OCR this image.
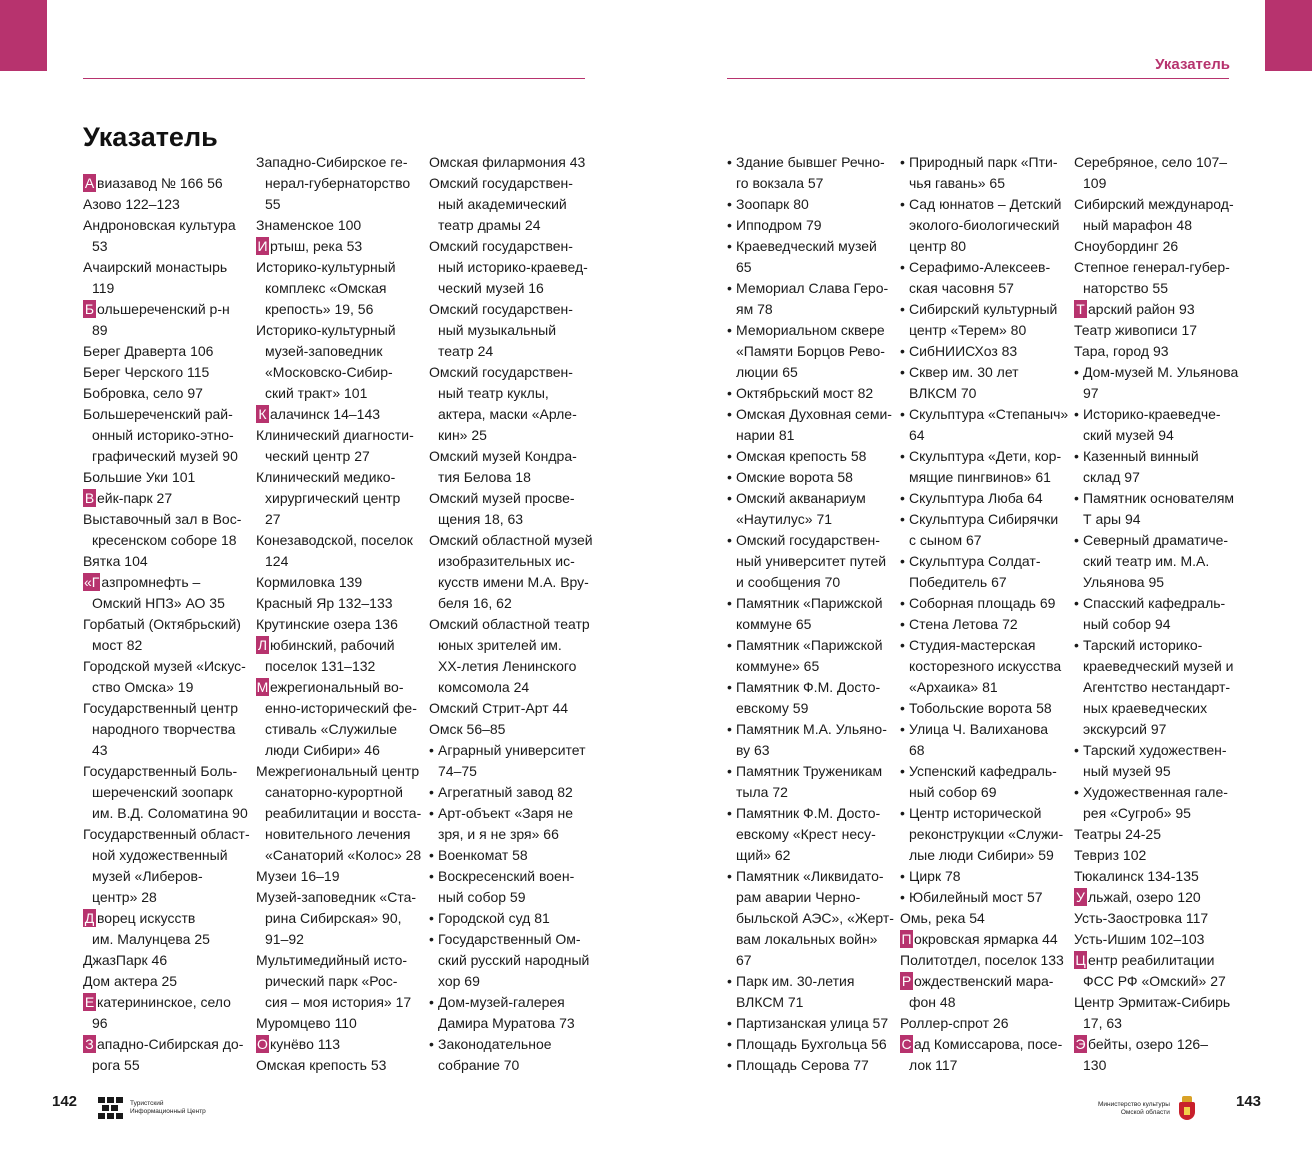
Указатель
Указатель
А виазавод № 166 56
Азово 122–123
Андроновская культура
53
Ачаирский монастырь
119
Б ольшереченский р-н
89
Берег Драверта 106
Берег Черского 115
Бобровка, село 97
Большереченский рай-
онный историко-этно-
графический музей 90
Большие Уки 101
В ейк-парк 27
Выставочный зал в Вос-
кресенском соборе 18
Вятка 104
«Г азпромнефть –
Омский НПЗ» АО 35
Горбатый (Октябрьский)
мост 82
Городской музей «Искус-
ство Омска» 19
Государственный центр
народного творчества
43
Государственный Боль-
шереченский зоопарк
им. В.Д. Соломатина 90
Государственный област-
ной художественный
музей «Либеров-
центр» 28
Д ворец искусств
им. Малунцева 25
ДжазПарк 46
Дом актера 25
Е катерининское, село
96
З ападно-Сибирская до-
рога 55
Западно-Сибирское ге-
нерал-губернаторство
55
Знаменское 100
И ртыш, река 53
Историко-культурный
комплекс «Омская
крепость» 19, 56
Историко-культурный
музей-заповедник
«Московско-Сибир-
ский тракт» 101
К алачинск 14–143
Клинический диагности-
ческий центр 27
Клинический медико-
хирургический центр
27
Конезаводской, поселок
124
Кормиловка 139
Красный Яр 132–133
Крутинские озера 136
Л юбинский, рабочий
поселок 131–132
М ежрегиональный во-
енно-исторический фе-
стиваль «Служилые
люди Сибири» 46
Межрегиональный центр
санаторно-курортной
реабилитации и восста-
новительного лечения
«Санаторий «Колос» 28
Музеи 16–19
Музей-заповедник «Ста-
рина Сибирская» 90,
91–92
Мультимедийный исто-
рический парк «Рос-
сия – моя история» 17
Муромцево 110
О кунёво 113
Омская крепость 53
Омская филармония 43
Омский государствен-
ный академический
театр драмы 24
Омский государствен-
ный историко-краевед-
ческий музей 16
Омский государствен-
ный музыкальный
театр 24
Омский государствен-
ный театр куклы,
актера, маски «Арле-
кин» 25
Омский музей Кондра-
тия Белова 18
Омский музей просве-
щения 18, 63
Омский областной музей
изобразительных ис-
кусств имени М.А. Вру-
беля 16, 62
Омский областной театр
юных зрителей им.
ХХ-летия Ленинского
комсомола 24
Омский Стрит-Арт 44
Омск 56–85
• Аграрный университет
74–75
• Агрегатный завод 82
• Арт-объект «Заря не
зря, и я не зря» 66
• Военкомат 58
• Воскресенский воен-
ный собор 59
• Городской суд 81
• Государственный Ом-
ский русский народный
хор 69
• Дом-музей-галерея
Дамира Муратова 73
• Законодательное
собрание 70
• Здание бывшег Речно-
го вокзала 57
• Зоопарк 80
• Ипподром 79
• Краеведческий музей
65
• Мемориал Слава Геро-
ям 78
• Мемориальном сквере
«Памяти Борцов Рево-
люции 65
• Октябрьский мост 82
• Омская Духовная семи-
нарии 81
• Омская крепость 58
• Омские ворота 58
• Омский акванариум
«Наутилус» 71
• Омский государствен-
ный университет путей
и сообщения 70
• Памятник «Парижской
коммуне 65
• Памятник «Парижской
коммуне» 65
• Памятник Ф.М. Досто-
евскому 59
• Памятник М.А. Ульяно-
ву 63
• Памятник Труженикам
тыла 72
• Памятник Ф.М. Досто-
евскому «Крест несу-
щий» 62
• Памятник «Ликвидато-
рам аварии Черно-
быльской АЭС», «Жерт-
вам локальных войн»
67
• Парк им. 30-летия
ВЛКСМ 71
• Партизанская улица 57
• Площадь Бухгольца 56
• Площадь Серова 77
• Природный парк «Пти-
чья гавань» 65
• Сад юннатов – Детский
эколого-биологический
центр 80
• Серафимо-Алексеев-
ская часовня 57
• Сибирский культурный
центр «Терем» 80
• СибНИИСХоз 83
• Сквер им. 30 лет
ВЛКСМ 70
• Скульптура «Степаныч»
64
• Скульптура «Дети, кор-
мящие пингвинов» 61
• Скульптура Люба 64
• Скульптура Сибирячки
с сыном 67
• Скульптура Солдат-
Победитель 67
• Соборная площадь 69
• Стена Летова 72
• Студия-мастерская
косторезного искусства
«Архаика» 81
• Тобольские ворота 58
• Улица Ч. Валиханова
68
• Успенский кафедраль-
ный собор 69
• Центр исторической
реконструкции «Служи-
лые люди Сибири» 59
• Цирк 78
• Юбилейный мост 57
Омь, река 54
П окровская ярмарка 44
Политотдел, поселок 133
Р ождественский мара-
фон 48
Роллер-спрот 26
С ад Комиссарова, посе-
лок 117
Серебряное, село 107–
109
Сибирский международ-
ный марафон 48
Сноубординг 26
Степное генерал-губер-
наторство 55
Т арский район 93
Театр живописи 17
Тара, город 93
• Дом-музей М. Ульянова
97
• Историко-краеведче-
ский музей 94
• Казенный винный
склад 97
• Памятник основателям
Т ары 94
• Северный драматиче-
ский театр им. М.А.
Ульянова 95
• Спасский кафедраль-
ный собор 94
• Тарский историко-
краеведческий музей и
Агентство нестандарт-
ных краеведческих
экскурсий 97
• Тарский художествен-
ный музей 95
• Художественная гале-
рея «Сугроб» 95
Театры 24-25
Тевриз 102
Тюкалинск 134-135
У льжай, озеро 120
Усть-Заостровка 117
Усть-Ишим 102–103
Ц ентр реабилитации
ФСС РФ «Омский» 27
Центр Эрмитаж-Сибирь
17, 63
Э бейты, озеро 126–
130
142	143
Туристский
Информационный Центр
Министерство культуры
Омской области
